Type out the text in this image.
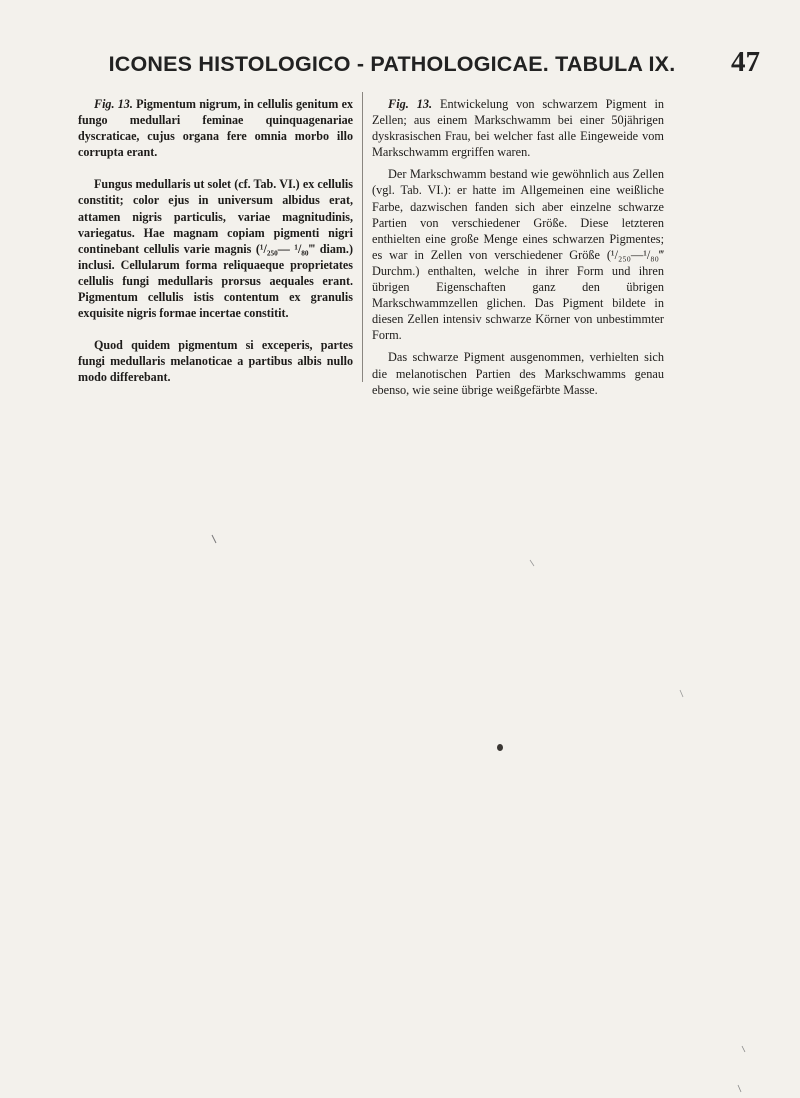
ICONES HISTOLOGICO - PATHOLOGICAE. TABULA IX.	47

Fig. 13. Pigmentum nigrum, in cellulis genitum ex fungo medullari feminae quinquagenariae dyscraticae, cujus organa fere omnia morbo illo corrupta erant.

Fungus medullaris ut solet (cf. Tab. VI.) ex cellulis constitit; color ejus in universum albidus erat, attamen nigris particulis, variae magnitudinis, variegatus. Hae magnam copiam pigmenti nigri continebant cellulis varie magnis (¹/₂₅₀— ¹/₈₀‴ diam.) inclusi. Cellularum forma reliquaeque proprietates cellulis fungi medullaris prorsus aequales erant. Pigmentum cellulis istis contentum ex granulis exquisite nigris formae incertae constitit.

Quod quidem pigmentum si exceperis, partes fungi medullaris melanoticae a partibus albis nullo modo differebant.

Fig. 13. Entwickelung von schwarzem Pigment in Zellen; aus einem Markschwamm bei einer 50jährigen dyskrasischen Frau, bei welcher fast alle Eingeweide vom Markschwamm ergriffen waren.

Der Markschwamm bestand wie gewöhnlich aus Zellen (vgl. Tab. VI.): er hatte im Allgemeinen eine weißliche Farbe, dazwischen fanden sich aber einzelne schwarze Partien von verschiedener Größe. Diese letzteren enthielten eine große Menge eines schwarzen Pigmentes; es war in Zellen von verschiedener Größe (¹/₂₅₀—¹/₈₀‴ Durchm.) enthalten, welche in ihrer Form und ihren übrigen Eigenschaften ganz den übrigen Markschwammzellen glichen. Das Pigment bildete in diesen Zellen intensiv schwarze Körner von unbestimmter Form.

Das schwarze Pigment ausgenommen, verhielten sich die melanotischen Partien des Markschwamms genau ebenso, wie seine übrige weißgefärbte Masse.
